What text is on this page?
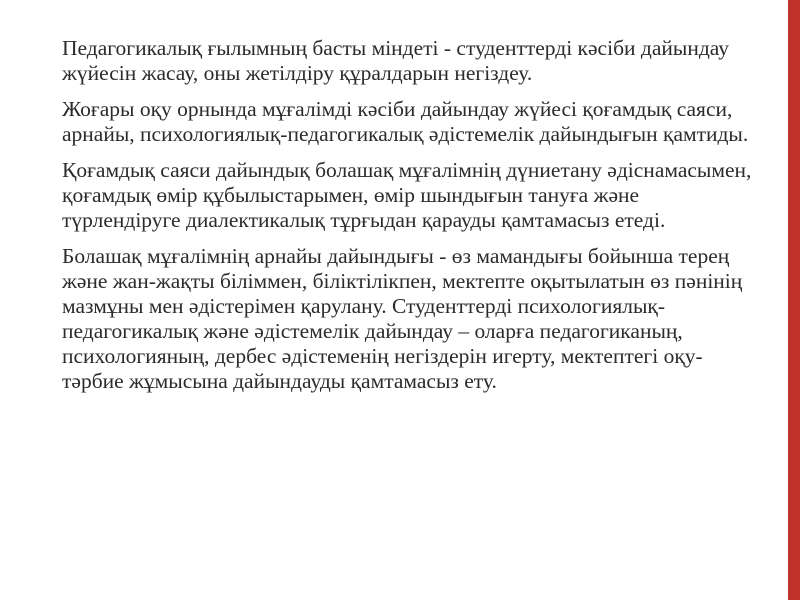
Педагогикалық ғылымның басты міндеті - студенттерді кәсіби дайындау жүйесін жасау, оны жетілдіру құралдарын негіздеу.

Жоғары оқу орнында мұғалімді кәсіби дайындау жүйесі қоғамдық саяси, арнайы, психологиялық-педагогикалық әдістемелік дайындығын қамтиды.

Қоғамдық саяси дайындық болашақ мұғалімнің дүниетану әдіснамасымен, қоғамдық өмір құбылыстарымен, өмір шындығын тануға және түрлендіруге диалектикалық тұрғыдан қарауды қамтамасыз етеді.

Болашақ мұғалімнің арнайы дайындығы - өз мамандығы бойынша терең және жан-жақты біліммен, біліктілікпен, мектепте оқытылатын өз пәнінің мазмұны мен әдістерімен қарулану. Студенттерді психологиялық-педагогикалық және әдістемелік дайындау – оларға педагогиканың, психологияның, дербес әдістеменің негіздерін игерту, мектептегі оқу-тәрбие жұмысына дайындауды қамтамасыз ету.
